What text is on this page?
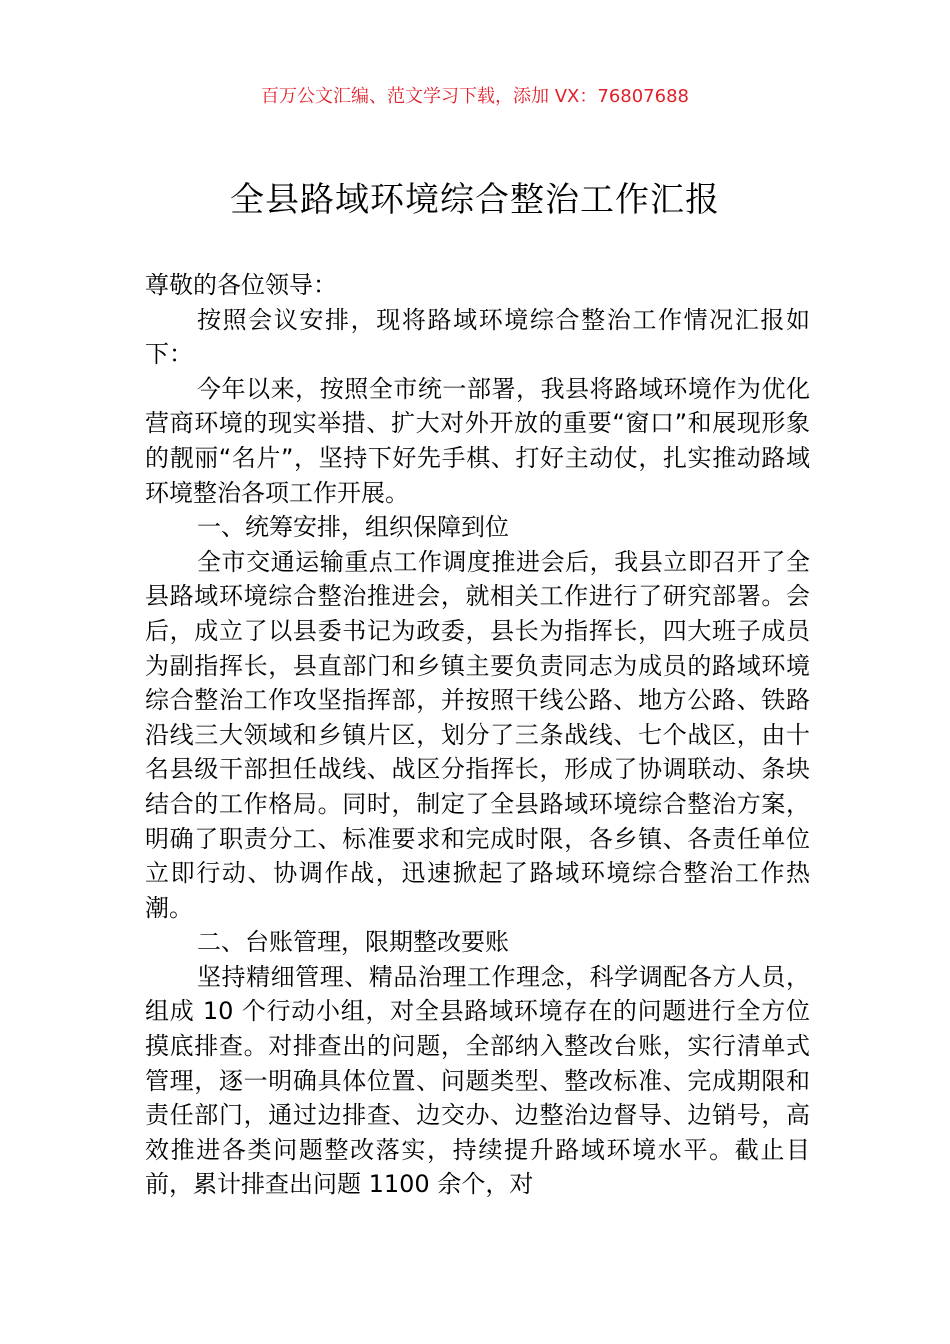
百万公文汇编、范文学习下载，添加 VX：76807688
全县路域环境综合整治工作汇报

尊敬的各位领导：

按照会议安排，现将路域环境综合整治工作情况汇报如下：

今年以来，按照全市统一部署，我县将路域环境作为优化营商环境的现实举措、扩大对外开放的重要“窗口”和展现形象的靓丽“名片”，坚持下好先手棋、打好主动仗，扎实推动路域环境整治各项工作开展。

一、统筹安排，组织保障到位

全市交通运输重点工作调度推进会后，我县立即召开了全县路域环境综合整治推进会，就相关工作进行了研究部署。会后，成立了以县委书记为政委，县长为指挥长，四大班子成员为副指挥长，县直部门和乡镇主要负责同志为成员的路域环境综合整治工作攻坚指挥部，并按照干线公路、地方公路、铁路沿线三大领域和乡镇片区，划分了三条战线、七个战区，由十名县级干部担任战线、战区分指挥长，形成了协调联动、条块结合的工作格局。同时，制定了全县路域环境综合整治方案，明确了职责分工、标准要求和完成时限，各乡镇、各责任单位立即行动、协调作战，迅速掀起了路域环境综合整治工作热潮。

二、台账管理，限期整改要账

坚持精细管理、精品治理工作理念，科学调配各方人员，组成 10 个行动小组，对全县路域环境存在的问题进行全方位摸底排查。对排查出的问题，全部纳入整改台账，实行清单式管理，逐一明确具体位置、问题类型、整改标准、完成期限和责任部门，通过边排查、边交办、边整治边督导、边销号，高效推进各类问题整改落实，持续提升路域环境水平。截止目前，累计排查出问题 1100 余个，对
